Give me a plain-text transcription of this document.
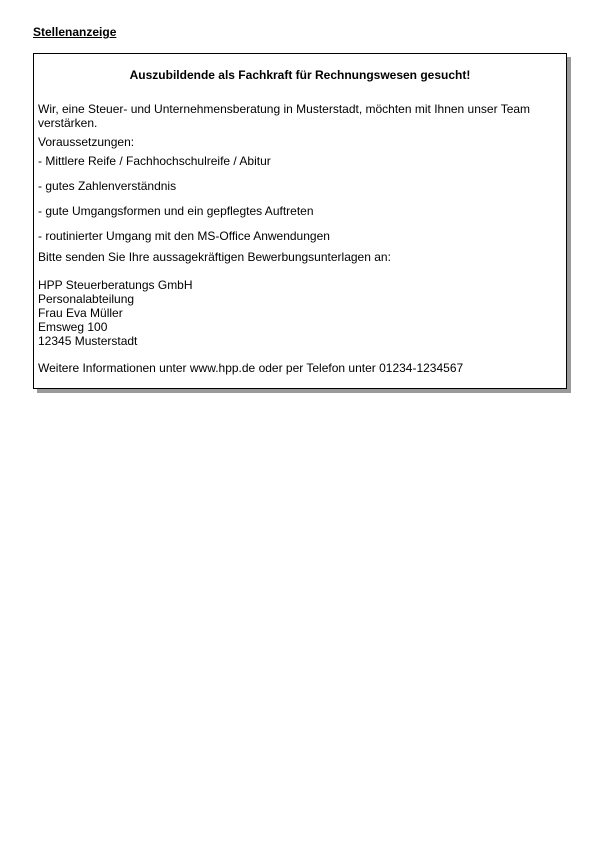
Stellenanzeige
Auszubildende als Fachkraft für Rechnungswesen gesucht!
Wir, eine Steuer- und Unternehmensberatung in Musterstadt, möchten mit Ihnen unser Team verstärken.
Voraussetzungen:
- Mittlere Reife / Fachhochschulreife / Abitur
- gutes Zahlenverständnis
- gute Umgangsformen und ein gepflegtes Auftreten
- routinierter Umgang mit den MS-Office Anwendungen
Bitte senden Sie Ihre aussagekräftigen Bewerbungsunterlagen an:
HPP Steuerberatungs GmbH
Personalabteilung
Frau Eva Müller
Emsweg 100
12345 Musterstadt
Weitere Informationen unter www.hpp.de oder per Telefon unter 01234-1234567
